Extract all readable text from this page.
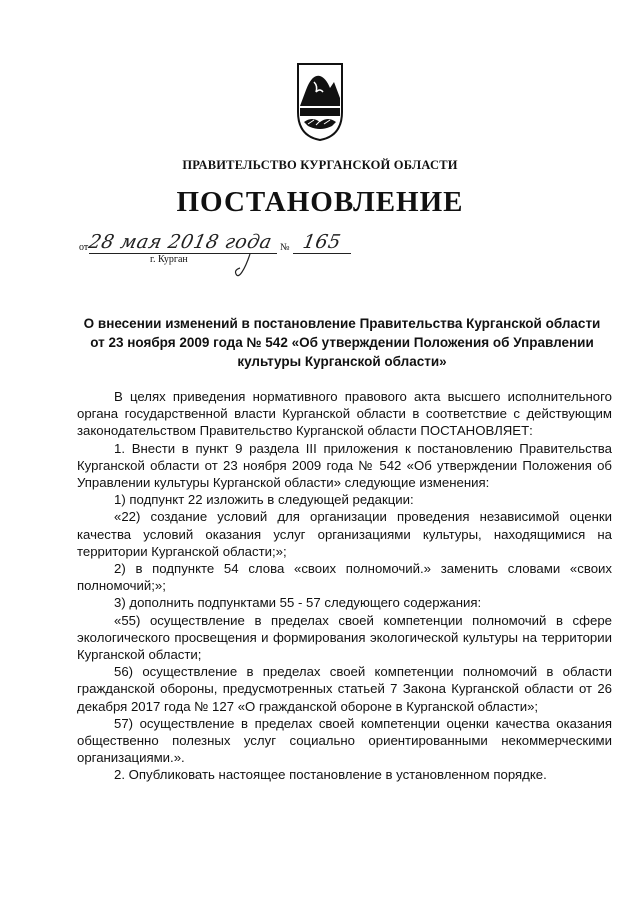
ПРАВИТЕЛЬСТВО КУРГАНСКОЙ ОБЛАСТИ
ПОСТАНОВЛЕНИЕ
от
28 мая 2018 года № 165
г. Курган
О внесении изменений в постановление Правительства Курганской области от 23 ноября 2009 года № 542 «Об утверждении Положения об Управлении культуры Курганской области»

В целях приведения нормативного правового акта высшего исполнительного органа государственной власти Курганской области в соответствие с действующим законодательством Правительство Курганской области ПОСТАНОВЛЯЕТ:

1. Внести в пункт 9 раздела III приложения к постановлению Правительства Курганской области от 23 ноября 2009 года № 542 «Об утверждении Положения об Управлении культуры Курганской области» следующие изменения:

1) подпункт 22 изложить в следующей редакции:

«22) создание условий для организации проведения независимой оценки качества условий оказания услуг организациями культуры, находящимися на территории Курганской области;»;

2) в подпункте 54 слова «своих полномочий.» заменить словами «своих полномочий;»;

3) дополнить подпунктами 55 - 57 следующего содержания:

«55) осуществление в пределах своей компетенции полномочий в сфере экологического просвещения и формирования экологической культуры на территории Курганской области;

56) осуществление в пределах своей компетенции полномочий в области гражданской обороны, предусмотренных статьей 7 Закона Курганской области от 26 декабря 2017 года № 127 «О гражданской обороне в Курганской области»;

57) осуществление в пределах своей компетенции оценки качества оказания общественно полезных услуг социально ориентированными некоммерческими организациями.».

2. Опубликовать настоящее постановление в установленном порядке.
